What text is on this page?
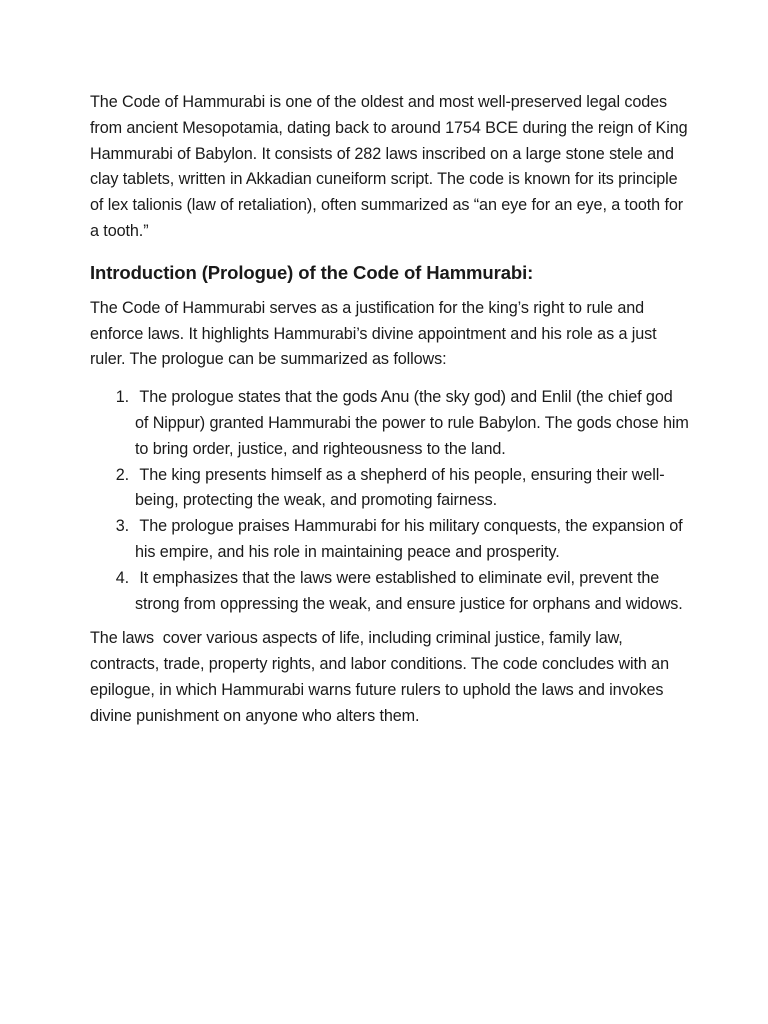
The Code of Hammurabi is one of the oldest and most well-preserved legal codes from ancient Mesopotamia, dating back to around 1754 BCE during the reign of King Hammurabi of Babylon. It consists of 282 laws inscribed on a large stone stele and clay tablets, written in Akkadian cuneiform script. The code is known for its principle of lex talionis (law of retaliation), often summarized as “an eye for an eye, a tooth for a tooth.”

Introduction (Prologue) of the Code of Hammurabi:

The Code of Hammurabi serves as a justification for the king’s right to rule and enforce laws. It highlights Hammurabi’s divine appointment and his role as a just ruler. The prologue can be summarized as follows:

1. The prologue states that the gods Anu (the sky god) and Enlil (the chief god of Nippur) granted Hammurabi the power to rule Babylon. The gods chose him to bring order, justice, and righteousness to the land.
2. The king presents himself as a shepherd of his people, ensuring their well-being, protecting the weak, and promoting fairness.
3. The prologue praises Hammurabi for his military conquests, the expansion of his empire, and his role in maintaining peace and prosperity.
4. It emphasizes that the laws were established to eliminate evil, prevent the strong from oppressing the weak, and ensure justice for orphans and widows.

The laws  cover various aspects of life, including criminal justice, family law, contracts, trade, property rights, and labor conditions. The code concludes with an epilogue, in which Hammurabi warns future rulers to uphold the laws and invokes divine punishment on anyone who alters them.
